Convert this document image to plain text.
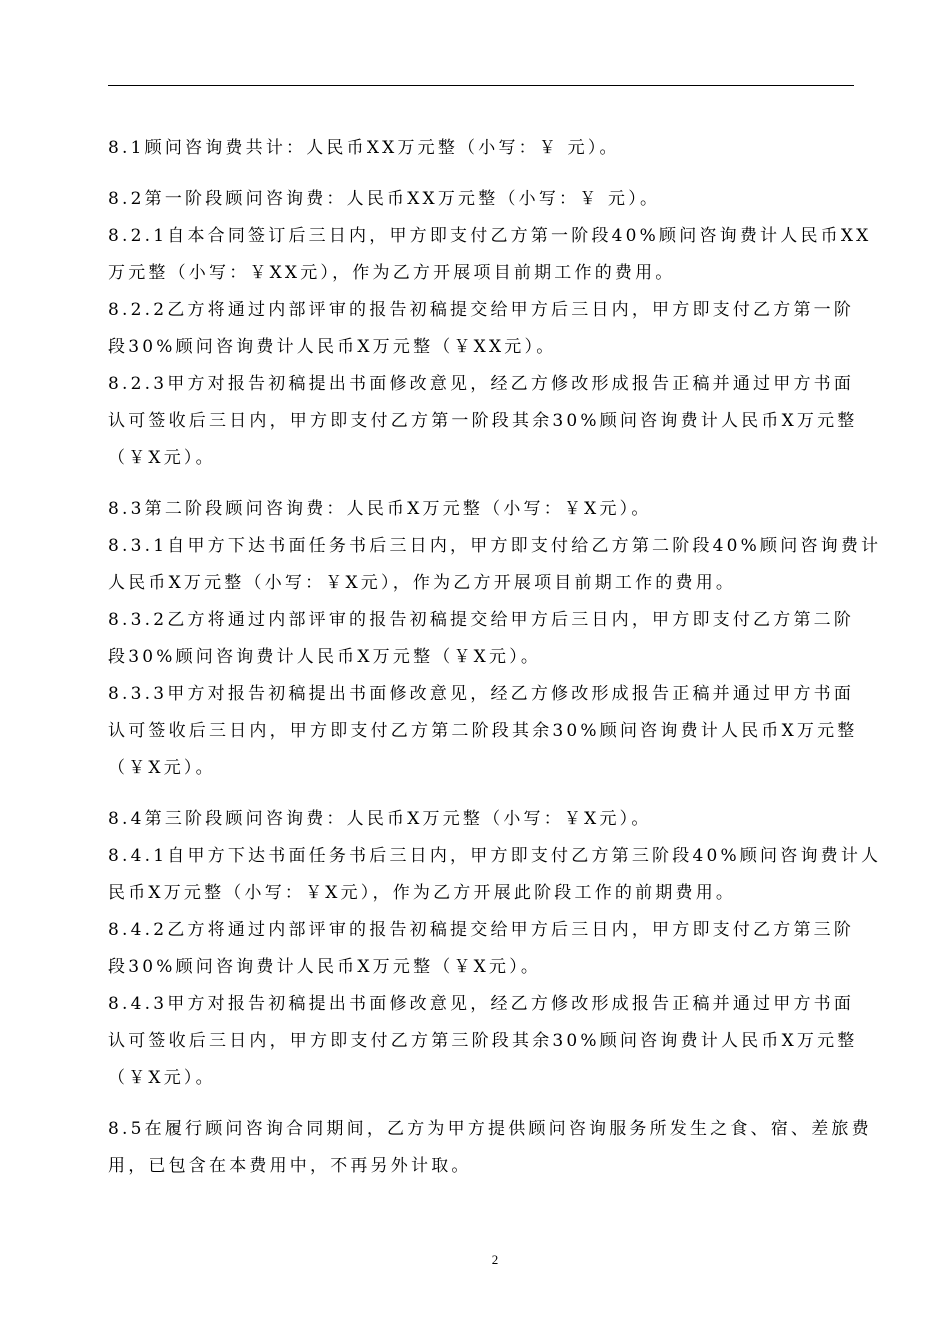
8.1顾问咨询费共计：人民币XX万元整（小写：￥ 元）。
8.2第一阶段顾问咨询费：人民币XX万元整（小写：￥ 元）。
8.2.1自本合同签订后三日内，甲方即支付乙方第一阶段40%顾问咨询费计人民币XX
万元整（小写：￥XX元），作为乙方开展项目前期工作的费用。
8.2.2乙方将通过内部评审的报告初稿提交给甲方后三日内，甲方即支付乙方第一阶
段30%顾问咨询费计人民币X万元整（￥XX元）。
8.2.3甲方对报告初稿提出书面修改意见，经乙方修改形成报告正稿并通过甲方书面
认可签收后三日内，甲方即支付乙方第一阶段其余30%顾问咨询费计人民币X万元整
（￥X元）。
8.3第二阶段顾问咨询费：人民币X万元整（小写：￥X元）。
8.3.1自甲方下达书面任务书后三日内，甲方即支付给乙方第二阶段40%顾问咨询费计
人民币X万元整（小写：￥X元），作为乙方开展项目前期工作的费用。
8.3.2乙方将通过内部评审的报告初稿提交给甲方后三日内，甲方即支付乙方第二阶
段30%顾问咨询费计人民币X万元整（￥X元）。
8.3.3甲方对报告初稿提出书面修改意见，经乙方修改形成报告正稿并通过甲方书面
认可签收后三日内，甲方即支付乙方第二阶段其余30%顾问咨询费计人民币X万元整
（￥X元）。
8.4第三阶段顾问咨询费：人民币X万元整（小写：￥X元）。
8.4.1自甲方下达书面任务书后三日内，甲方即支付乙方第三阶段40%顾问咨询费计人
民币X万元整（小写：￥X元），作为乙方开展此阶段工作的前期费用。
8.4.2乙方将通过内部评审的报告初稿提交给甲方后三日内，甲方即支付乙方第三阶
段30%顾问咨询费计人民币X万元整（￥X元）。
8.4.3甲方对报告初稿提出书面修改意见，经乙方修改形成报告正稿并通过甲方书面
认可签收后三日内，甲方即支付乙方第三阶段其余30%顾问咨询费计人民币X万元整
（￥X元）。
8.5在履行顾问咨询合同期间，乙方为甲方提供顾问咨询服务所发生之食、宿、差旅费
用，已包含在本费用中，不再另外计取。
2
